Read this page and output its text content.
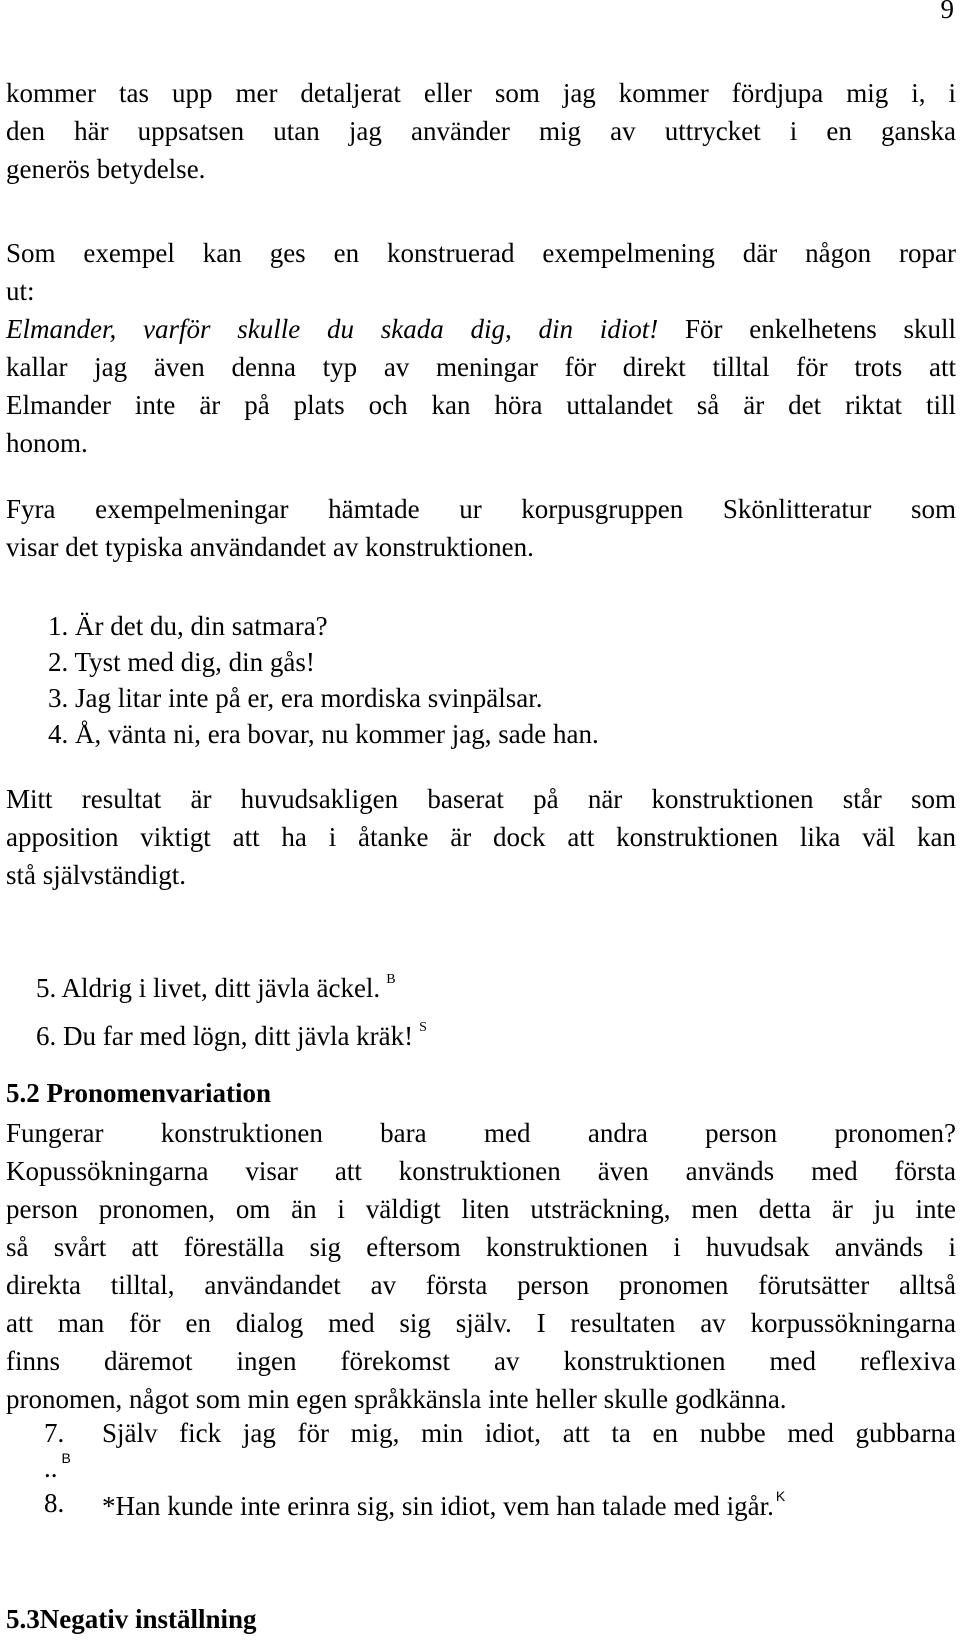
9
kommer tas upp mer detaljerat eller som jag kommer fördjupa mig i, i
den här uppsatsen utan jag använder mig av uttrycket i en ganska
generös betydelse.
Som exempel kan ges en konstruerad exempelmening där någon ropar
ut:
Elmander, varför skulle du skada dig, din idiot! För enkelhetens skull
kallar jag även denna typ av meningar för direkt tilltal för trots att
Elmander inte är på plats och kan höra uttalandet så är det riktat till
honom.
Fyra exempelmeningar hämtade ur korpusgruppen Skönlitteratur som
visar det typiska användandet av konstruktionen.
1. Är det du, din satmara?
2. Tyst med dig, din gås!
3. Jag litar inte på er, era mordiska svinpälsar.
4. Å, vänta ni, era bovar, nu kommer jag, sade han.
Mitt resultat är huvudsakligen baserat på när konstruktionen står som
apposition viktigt att ha i åtanke är dock att konstruktionen lika väl kan
stå självständigt.
5. Aldrig i livet, ditt jävla äckel. $^B$
6. Du far med lögn, ditt jävla kräk! $^S$
5.2 Pronomenvariation
Fungerar konstruktionen bara med andra person pronomen?
Kopussökningarna visar att konstruktionen även används med första
person pronomen, om än i väldigt liten utsträckning, men detta är ju inte
så svårt att föreställa sig eftersom konstruktionen i huvudsak används i
direkta tilltal, användandet av första person pronomen förutsätter alltså
att man för en dialog med sig själv. I resultaten av korpussökningarna
finns däremot ingen förekomst av konstruktionen med reflexiva
pronomen, något som min egen språkkänsla inte heller skulle godkänna.
7. Själv fick jag för mig, min idiot, att ta en nubbe med gubbarna
.. $^B$
8. *Han kunde inte erinra sig, sin idiot, vem han talade med igår. $^K$
5.3Negativ inställning
